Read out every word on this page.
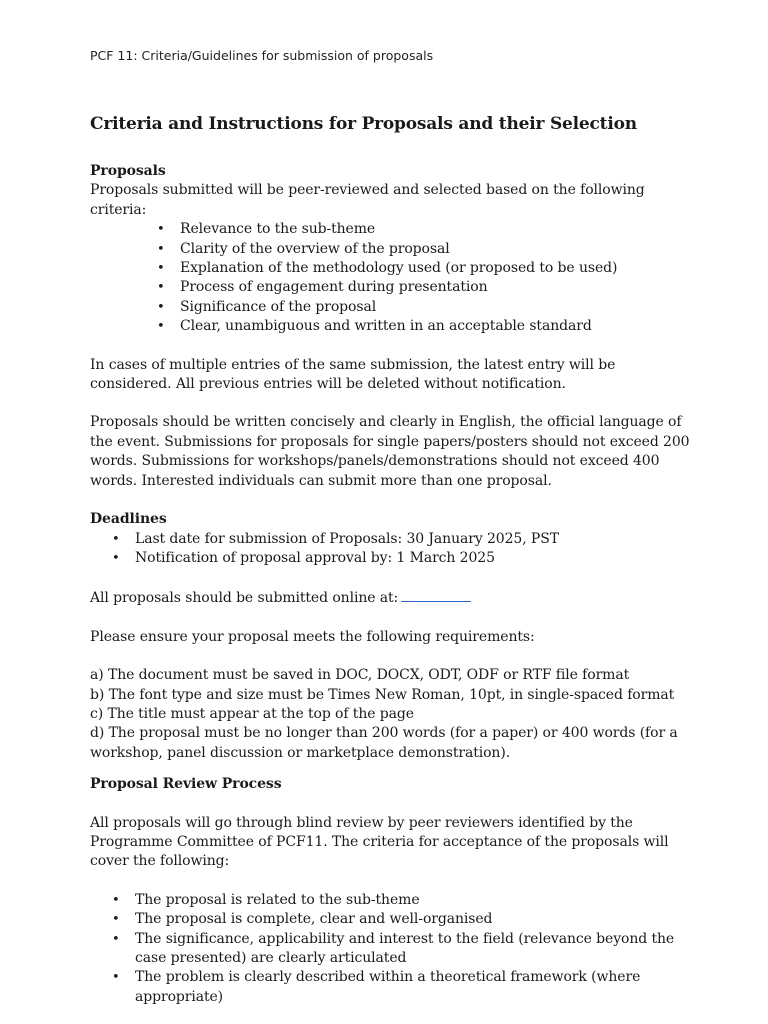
PCF 11: Criteria/Guidelines for submission of proposals
Criteria and Instructions for Proposals and their Selection
Proposals

Proposals submitted will be peer-reviewed and selected based on the following criteria:

• Relevance to the sub-theme
• Clarity of the overview of the proposal
• Explanation of the methodology used (or proposed to be used)
• Process of engagement during presentation
• Significance of the proposal
• Clear, unambiguous and written in an acceptable standard

In cases of multiple entries of the same submission, the latest entry will be considered. All previous entries will be deleted without notification.

Proposals should be written concisely and clearly in English, the official language of the event. Submissions for proposals for single papers/posters should not exceed 200 words. Submissions for workshops/panels/demonstrations should not exceed 400 words. Interested individuals can submit more than one proposal.

Deadlines
• Last date for submission of Proposals: 30 January 2025, PST
• Notification of proposal approval by: 1 March 2025

All proposals should be submitted online at:

Please ensure your proposal meets the following requirements:

a) The document must be saved in DOC, DOCX, ODT, ODF or RTF file format

b) The font type and size must be Times New Roman, 10pt, in single-spaced format

c) The title must appear at the top of the page

d) The proposal must be no longer than 200 words (for a paper) or 400 words (for a workshop, panel discussion or marketplace demonstration).

Proposal Review Process

All proposals will go through blind review by peer reviewers identified by the Programme Committee of PCF11. The criteria for acceptance of the proposals will cover the following:

• The proposal is related to the sub-theme
• The proposal is complete, clear and well-organised
• The significance, applicability and interest to the field (relevance beyond the case presented) are clearly articulated
• The problem is clearly described within a theoretical framework (where appropriate)
